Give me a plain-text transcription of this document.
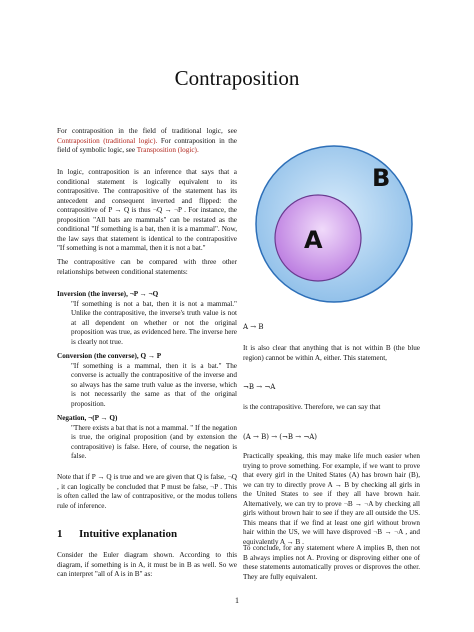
Contraposition
For contraposition in the field of traditional logic, see Contraposition (traditional logic). For contraposition in the field of symbolic logic, see Transposition (logic).
In logic, contraposition is an inference that says that a conditional statement is logically equivalent to its contrapositive. The contrapositive of the statement has its antecedent and consequent inverted and flipped: the contrapositive of P → Q is thus ¬Q → ¬P . For instance, the proposition "All bats are mammals" can be restated as the conditional "If something is a bat, then it is a mammal". Now, the law says that statement is identical to the contrapositive "If something is not a mammal, then it is not a bat."
The contrapositive can be compared with three other relationships between conditional statements:
Inversion (the inverse), ¬P → ¬Q
"If something is not a bat, then it is not a mammal." Unlike the contrapositive, the inverse's truth value is not at all dependent on whether or not the original proposition was true, as evidenced here. The inverse here is clearly not true.
Conversion (the converse), Q → P
"If something is a mammal, then it is a bat." The converse is actually the contrapositive of the inverse and so always has the same truth value as the inverse, which is not necessarily the same as that of the original proposition.
Negation, ¬(P → Q)
"There exists a bat that is not a mammal. " If the negation is true, the original proposition (and by extension the contrapositive) is false. Here, of course, the negation is false.
Note that if P → Q is true and we are given that Q is false, ¬Q , it can logically be concluded that P must be false, ¬P . This is often called the law of contrapositive, or the modus tollens rule of inference.
1 Intuitive explanation
Consider the Euler diagram shown. According to this diagram, if something is in A, it must be in B as well. So we can interpret "all of A is in B" as:
B
A
A → B
It is also clear that anything that is not within B (the blue region) cannot be within A, either. This statement,
¬B → ¬A
is the contrapositive. Therefore, we can say that
(A → B) → (¬B → ¬A)
Practically speaking, this may make life much easier when trying to prove something. For example, if we want to prove that every girl in the United States (A) has brown hair (B), we can try to directly prove A → B by checking all girls in the United States to see if they all have brown hair. Alternatively, we can try to prove ¬B → ¬A by checking all girls without brown hair to see if they are all outside the US. This means that if we find at least one girl without brown hair within the US, we will have disproved ¬B → ¬A , and equivalently A → B .
To conclude, for any statement where A implies B, then not B always implies not A. Proving or disproving either one of these statements automatically proves or disproves the other. They are fully equivalent.
1
